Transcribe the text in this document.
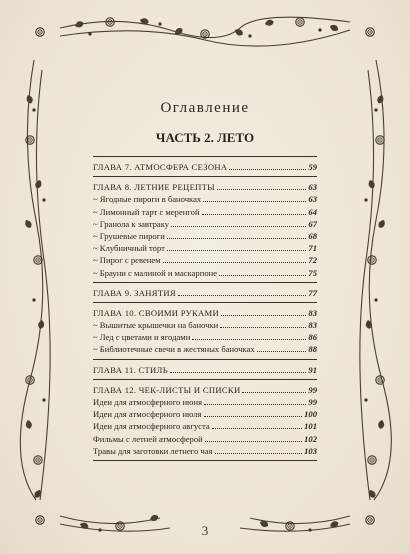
Оглавление
ЧАСТЬ 2. ЛЕТО
ГЛАВА 7. АТМОСФЕРА СЕЗОНА	59
ГЛАВА 8. ЛЕТНИЕ РЕЦЕПТЫ	63
~ Ягодные пироги в баночках	63
~ Лимонный тарт с меренгой	64
~ Гранола к завтраку	67
~ Грушевые пироги	68
~ Клубничный торт	71
~ Пирог с ревенем	72
~ Брауни с малиной и маскарпоне	75
ГЛАВА 9. ЗАНЯТИЯ	77
ГЛАВА 10. СВОИМИ РУКАМИ	83
~ Вышитые крышечки на баночки	83
~ Лед с цветами и ягодами	86
~ Библиотечные свечи в жестяных баночках	88
ГЛАВА 11. СТИЛЬ	91
ГЛАВА 12. ЧЕК-ЛИСТЫ И СПИСКИ	99
Идеи для атмосферного июня	99
Идеи для атмосферного июля	100
Идеи для атмосферного августа	101
Фильмы с летней атмосферой	102
Травы для заготовки летнего чая	103
3
